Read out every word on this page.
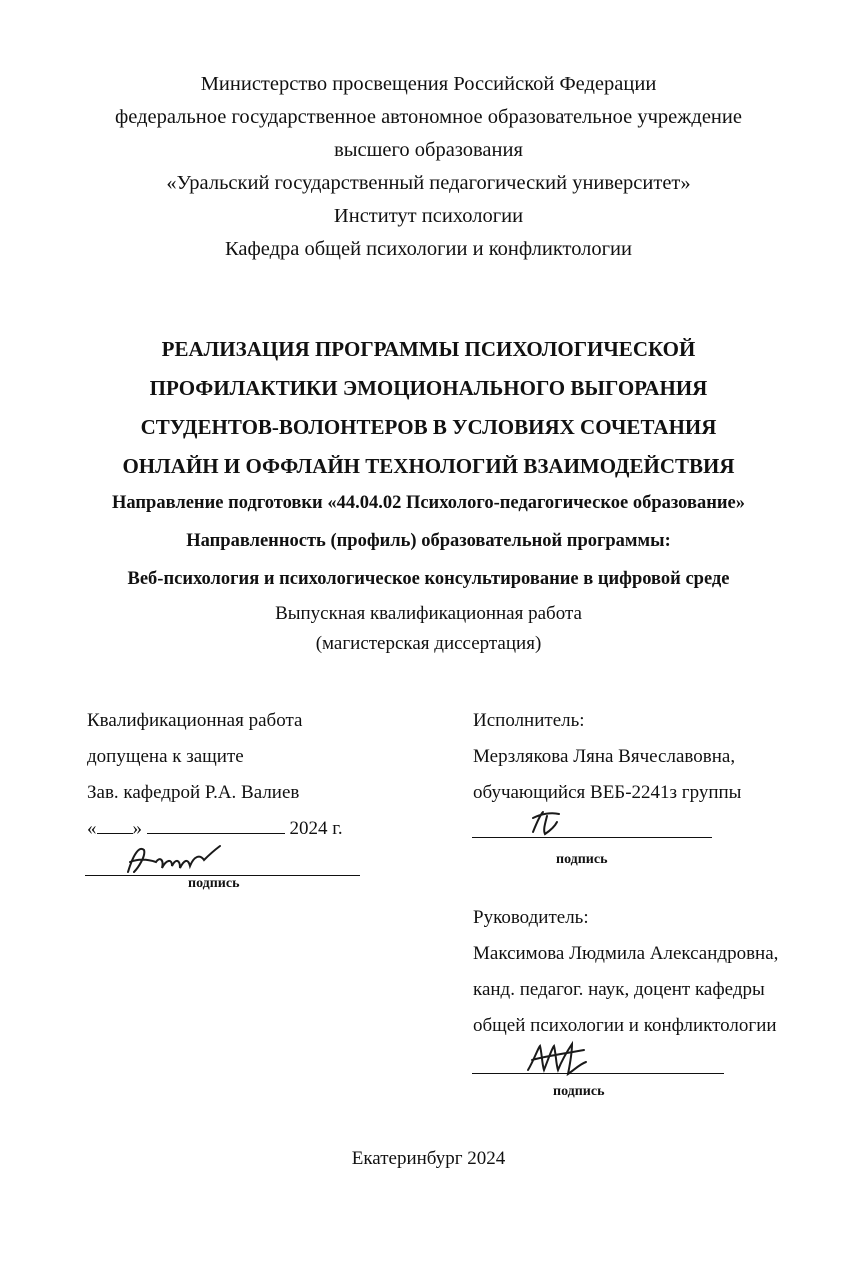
Министерство просвещения Российской Федерации
федеральное государственное автономное образовательное учреждение
высшего образования
«Уральский государственный педагогический университет»
Институт психологии
Кафедра общей психологии и конфликтологии
РЕАЛИЗАЦИЯ ПРОГРАММЫ ПСИХОЛОГИЧЕСКОЙ
ПРОФИЛАКТИКИ ЭМОЦИОНАЛЬНОГО ВЫГОРАНИЯ
СТУДЕНТОВ-ВОЛОНТЕРОВ В УСЛОВИЯХ СОЧЕТАНИЯ
ОНЛАЙН И ОФФЛАЙН ТЕХНОЛОГИЙ ВЗАИМОДЕЙСТВИЯ
Направление подготовки «44.04.02 Психолого-педагогическое образование»
Направленность (профиль) образовательной программы:
Веб-психология и психологическое консультирование в цифровой среде
Выпускная квалификационная работа
(магистерская диссертация)
Квалификационная работа
допущена к защите
Зав. кафедрой Р.А. Валиев
« »	2024 г.
подпись
Исполнитель:
Мерзлякова Ляна Вячеславовна,
обучающийся ВЕБ-2241з группы
подпись
Руководитель:
Максимова Людмила Александровна,
канд. педагог. наук, доцент кафедры
общей психологии и конфликтологии
подпись
Екатеринбург 2024
